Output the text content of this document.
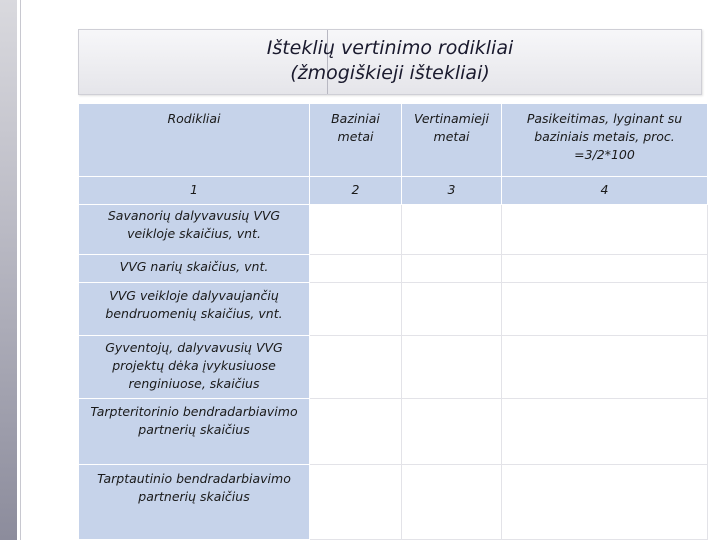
Išteklių vertinimo rodikliai
(žmogiškieji ištekliai)
Rodikliai	Baziniai metai	Vertinamieji metai	Pasikeitimas, lyginant su baziniais metais, proc. =3/2*100
1	2	3	4
Savanorių dalyvavusių VVG veikloje skaičius, vnt.			
VVG narių skaičius, vnt.			
VVG veikloje dalyvaujančių bendruomenių skaičius, vnt.			
Gyventojų, dalyvavusių VVG projektų dėka įvykusiuose renginiuose, skaičius			
Tarpteritorinio bendradarbiavimo partnerių skaičius			
Tarptautinio bendradarbiavimo partnerių skaičius			
